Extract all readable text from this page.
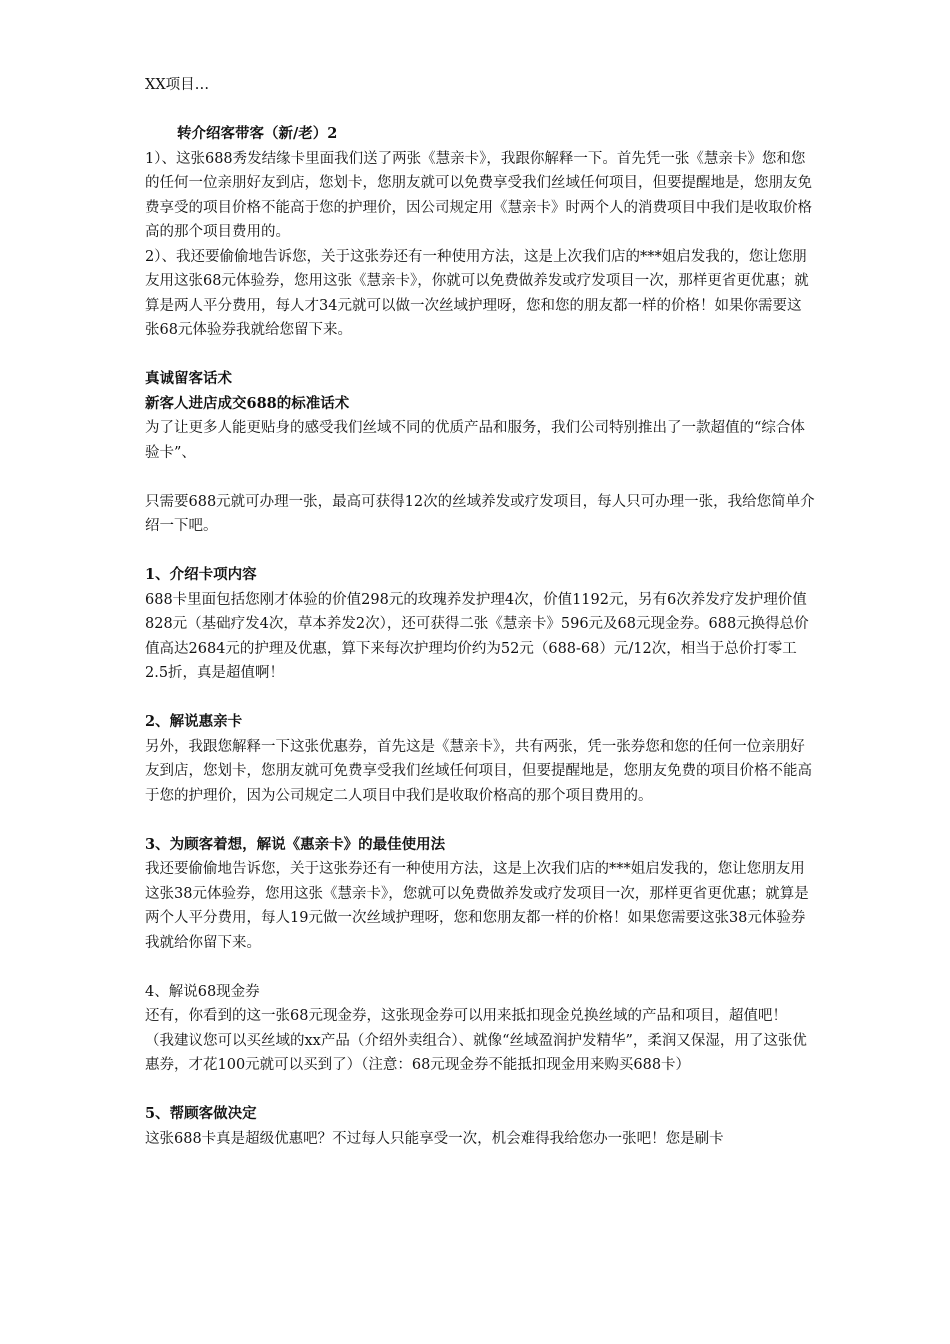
XX项目…

转介绍客带客（新/老）2

1）、这张688秀发结缘卡里面我们送了两张《慧亲卡》，我跟你解释一下。首先凭一张《慧亲卡》您和您的任何一位亲朋好友到店，您划卡，您朋友就可以免费享受我们丝域任何项目，但要提醒地是，您朋友免费享受的项目价格不能高于您的护理价，因公司规定用《慧亲卡》时两个人的消费项目中我们是收取价格高的那个项目费用的。

2）、我还要偷偷地告诉您，关于这张券还有一种使用方法，这是上次我们店的***姐启发我的，您让您朋友用这张68元体验券，您用这张《慧亲卡》，你就可以免费做养发或疗发项目一次，那样更省更优惠；就算是两人平分费用，每人才34元就可以做一次丝域护理呀，您和您的朋友都一样的价格！如果你需要这张68元体验券我就给您留下来。

真诚留客话术

新客人进店成交688的标准话术

为了让更多人能更贴身的感受我们丝域不同的优质产品和服务，我们公司特别推出了一款超值的“综合体验卡”、

只需要688元就可办理一张，最高可获得12次的丝域养发或疗发项目，每人只可办理一张，我给您简单介绍一下吧。

1、介绍卡项内容

688卡里面包括您刚才体验的价值298元的玫瑰养发护理4次，价值1192元，另有6次养发疗发护理价值828元（基础疗发4次，草本养发2次），还可获得二张《慧亲卡》596元及68元现金券。688元换得总价值高达2684元的护理及优惠，算下来每次护理均价约为52元（688-68）元/12次，相当于总价打零工2.5折，真是超值啊！

2、解说惠亲卡

另外，我跟您解释一下这张优惠券，首先这是《慧亲卡》，共有两张，凭一张券您和您的任何一位亲朋好友到店，您划卡，您朋友就可免费享受我们丝域任何项目，但要提醒地是，您朋友免费的项目价格不能高于您的护理价，因为公司规定二人项目中我们是收取价格高的那个项目费用的。

3、为顾客着想，解说《惠亲卡》的最佳使用法

我还要偷偷地告诉您，关于这张券还有一种使用方法，这是上次我们店的***姐启发我的，您让您朋友用这张38元体验券，您用这张《慧亲卡》，您就可以免费做养发或疗发项目一次，那样更省更优惠；就算是两个人平分费用，每人19元做一次丝域护理呀，您和您朋友都一样的价格！如果您需要这张38元体验券我就给你留下来。

4、解说68现金券

还有，你看到的这一张68元现金券，这张现金券可以用来抵扣现金兑换丝域的产品和项目，超值吧！（我建议您可以买丝域的xx产品（介绍外卖组合）、就像“丝域盈润护发精华”，柔润又保湿，用了这张优惠券，才花100元就可以买到了）（注意：68元现金券不能抵扣现金用来购买688卡）

5、帮顾客做决定

这张688卡真是超级优惠吧？不过每人只能享受一次，机会难得我给您办一张吧！您是刷卡
